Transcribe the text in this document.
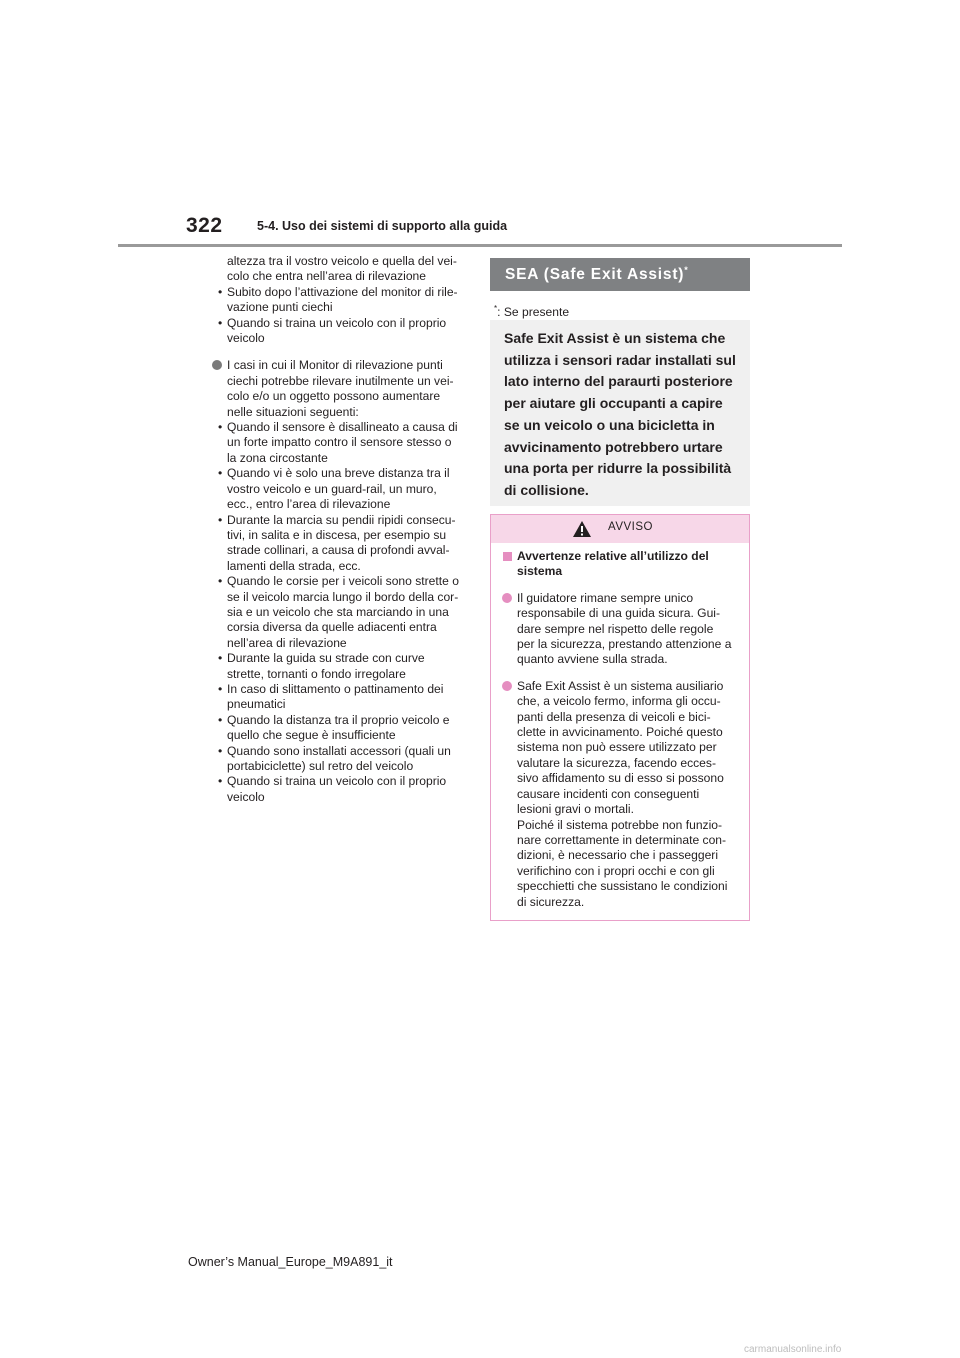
322	5-4. Uso dei sistemi di supporto alla guida
altezza tra il vostro veicolo e quella del vei-
colo che entra nell’area di rilevazione
• Subito dopo l’attivazione del monitor di rile-
vazione punti ciechi
• Quando si traina un veicolo con il proprio
veicolo
I casi in cui il Monitor di rilevazione punti
ciechi potrebbe rilevare inutilmente un vei-
colo e/o un oggetto possono aumentare
nelle situazioni seguenti:
• Quando il sensore è disallineato a causa di
un forte impatto contro il sensore stesso o
la zona circostante
• Quando vi è solo una breve distanza tra il
vostro veicolo e un guard-rail, un muro,
ecc., entro l’area di rilevazione
• Durante la marcia su pendii ripidi consecu-
tivi, in salita e in discesa, per esempio su
strade collinari, a causa di profondi avval-
lamenti della strada, ecc.
• Quando le corsie per i veicoli sono strette o
se il veicolo marcia lungo il bordo della cor-
sia e un veicolo che sta marciando in una
corsia diversa da quelle adiacenti entra
nell’area di rilevazione
• Durante la guida su strade con curve
strette, tornanti o fondo irregolare
• In caso di slittamento o pattinamento dei
pneumatici
• Quando la distanza tra il proprio veicolo e
quello che segue è insufficiente
• Quando sono installati accessori (quali un
portabiciclette) sul retro del veicolo
• Quando si traina un veicolo con il proprio
veicolo
SEA (Safe Exit Assist)*
*: Se presente
Safe Exit Assist è un sistema che
utilizza i sensori radar installati sul
lato interno del paraurti posteriore
per aiutare gli occupanti a capire
se un veicolo o una bicicletta in
avvicinamento potrebbero urtare
una porta per ridurre la possibilità
di collisione.
AVVISO
Avvertenze relative all’utilizzo del
sistema
Il guidatore rimane sempre unico
responsabile di una guida sicura. Gui-
dare sempre nel rispetto delle regole
per la sicurezza, prestando attenzione a
quanto avviene sulla strada.
Safe Exit Assist è un sistema ausiliario
che, a veicolo fermo, informa gli occu-
panti della presenza di veicoli e bici-
clette in avvicinamento. Poiché questo
sistema non può essere utilizzato per
valutare la sicurezza, facendo ecces-
sivo affidamento su di esso si possono
causare incidenti con conseguenti
lesioni gravi o mortali.
Poiché il sistema potrebbe non funzio-
nare correttamente in determinate con-
dizioni, è necessario che i passeggeri
verifichino con i propri occhi e con gli
specchietti che sussistano le condizioni
di sicurezza.
Owner’s Manual_Europe_M9A891_it
carmanualsonline.info
